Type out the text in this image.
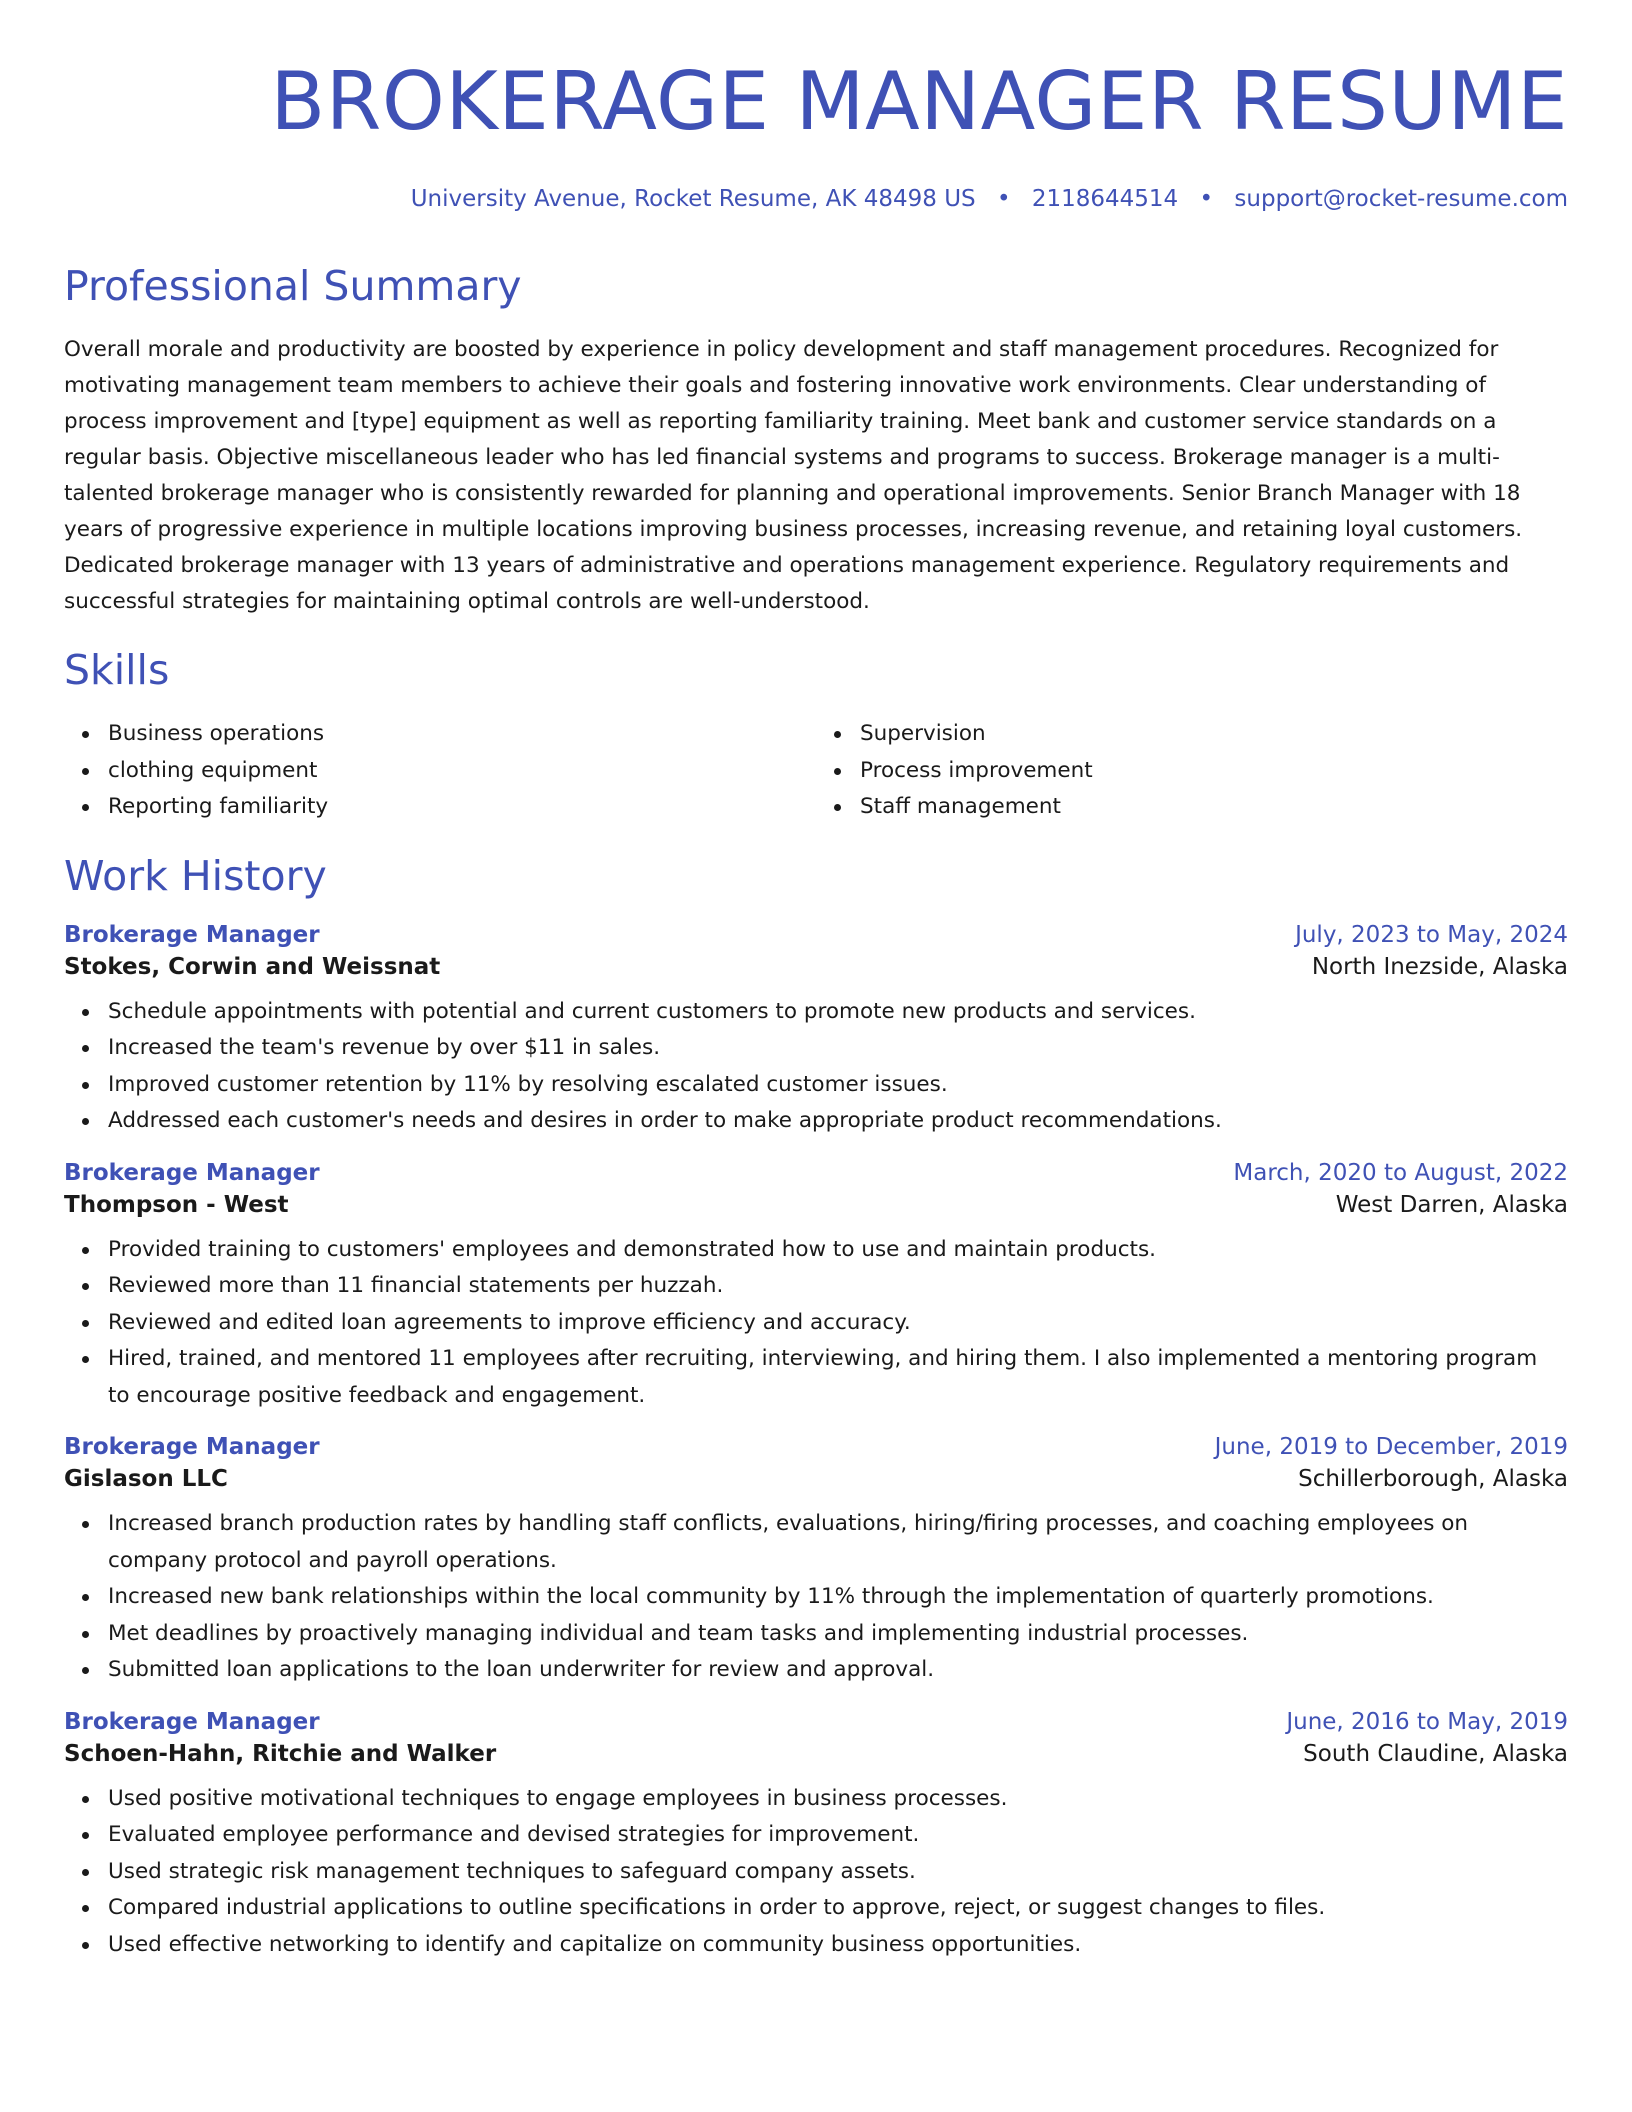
BROKERAGE MANAGER RESUME
University Avenue, Rocket Resume, AK 48498 US • 2118644514 • support@rocket-resume.com
Professional Summary

Overall morale and productivity are boosted by experience in policy development and staff management procedures. Recognized for motivating management team members to achieve their goals and fostering innovative work environments. Clear understanding of process improvement and [type] equipment as well as reporting familiarity training. Meet bank and customer service standards on a regular basis. Objective miscellaneous leader who has led financial systems and programs to success. Brokerage manager is a multi-talented brokerage manager who is consistently rewarded for planning and operational improvements. Senior Branch Manager with 18 years of progressive experience in multiple locations improving business processes, increasing revenue, and retaining loyal customers. Dedicated brokerage manager with 13 years of administrative and operations management experience. Regulatory requirements and successful strategies for maintaining optimal controls are well-understood.

Skills
Business operations
clothing equipment
Reporting familiarity
Supervision
Process improvement
Staff management
Work History
Brokerage Manager	July, 2023 to May, 2024
Stokes, Corwin and Weissnat	North Inezside, Alaska
Schedule appointments with potential and current customers to promote new products and services.
Increased the team's revenue by over $11 in sales.
Improved customer retention by 11% by resolving escalated customer issues.
Addressed each customer's needs and desires in order to make appropriate product recommendations.
Brokerage Manager	March, 2020 to August, 2022
Thompson - West	West Darren, Alaska
Provided training to customers' employees and demonstrated how to use and maintain products.
Reviewed more than 11 financial statements per huzzah.
Reviewed and edited loan agreements to improve efficiency and accuracy.
Hired, trained, and mentored 11 employees after recruiting, interviewing, and hiring them. I also implemented a mentoring program to encourage positive feedback and engagement.
Brokerage Manager	June, 2019 to December, 2019
Gislason LLC	Schillerborough, Alaska
Increased branch production rates by handling staff conflicts, evaluations, hiring/firing processes, and coaching employees on company protocol and payroll operations.
Increased new bank relationships within the local community by 11% through the implementation of quarterly promotions.
Met deadlines by proactively managing individual and team tasks and implementing industrial processes.
Submitted loan applications to the loan underwriter for review and approval.
Brokerage Manager	June, 2016 to May, 2019
Schoen-Hahn, Ritchie and Walker	South Claudine, Alaska
Used positive motivational techniques to engage employees in business processes.
Evaluated employee performance and devised strategies for improvement.
Used strategic risk management techniques to safeguard company assets.
Compared industrial applications to outline specifications in order to approve, reject, or suggest changes to files.
Used effective networking to identify and capitalize on community business opportunities.
